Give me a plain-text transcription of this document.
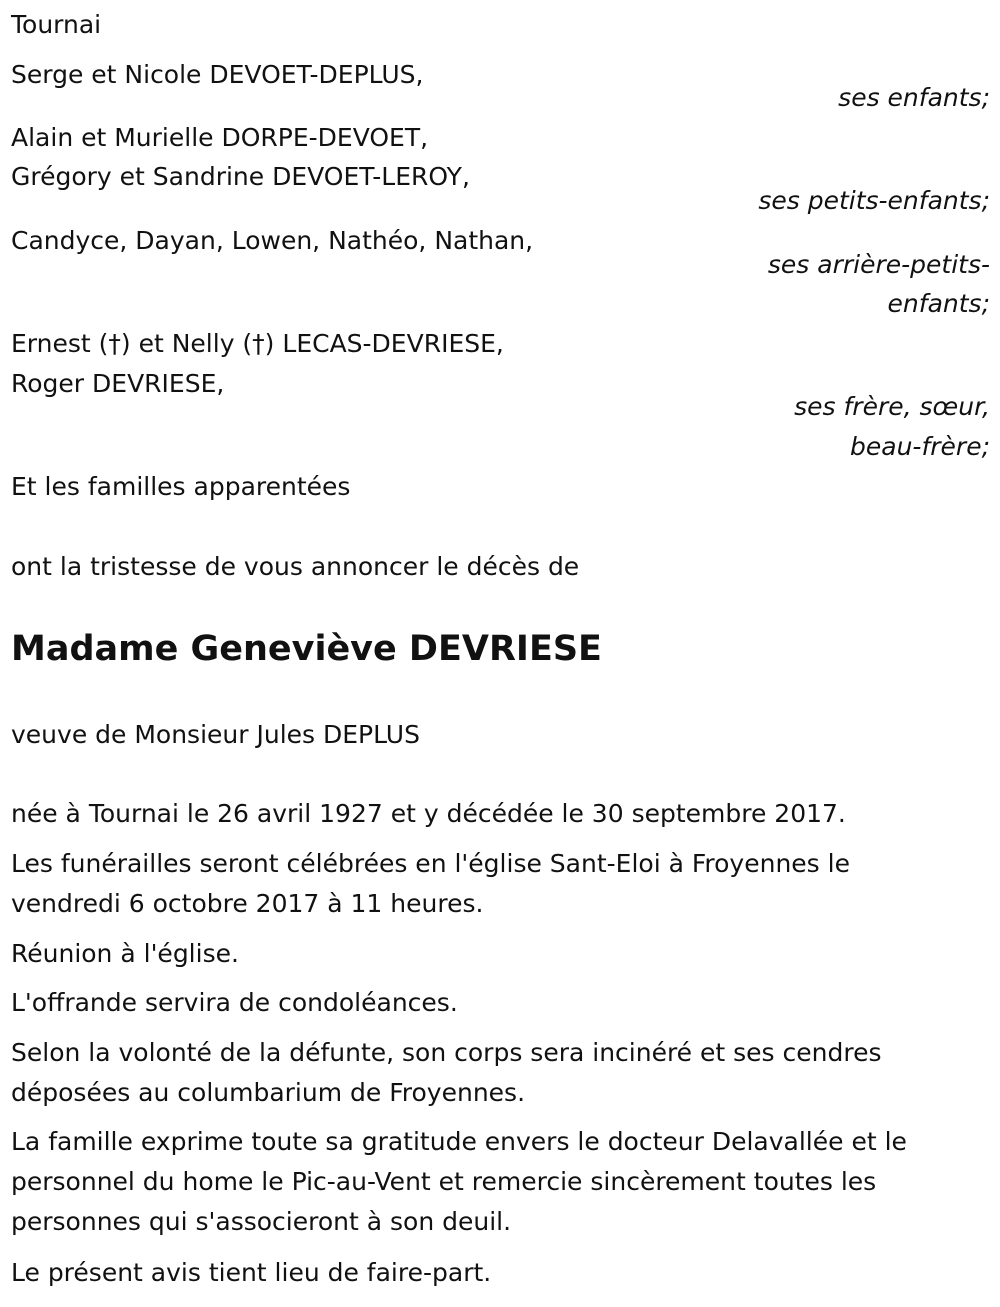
Tournai
Serge et Nicole DEVOET-DEPLUS,
ses enfants;
Alain et Murielle DORPE-DEVOET,
Grégory et Sandrine DEVOET-LEROY,
ses petits-enfants;
Candyce, Dayan, Lowen, Nathéo, Nathan,
ses arrière-petits-
enfants;
Ernest (†) et Nelly (†) LECAS-DEVRIESE,
Roger DEVRIESE,
ses frère, sœur,
beau-frère;
Et les familles apparentées
ont la tristesse de vous annoncer le décès de
Madame Geneviève DEVRIESE
veuve de Monsieur Jules DEPLUS
née à Tournai le 26 avril 1927 et y décédée le 30 septembre 2017.
Les funérailles seront célébrées en l'église Sant-Eloi à Froyennes le
vendredi 6 octobre 2017 à 11 heures.
Réunion à l'église.
L'offrande servira de condoléances.
Selon la volonté de la défunte, son corps sera incinéré et ses cendres
déposées au columbarium de Froyennes.
La famille exprime toute sa gratitude envers le docteur Delavallée et le
personnel du home le Pic-au-Vent et remercie sincèrement toutes les
personnes qui s'associeront à son deuil.
Le présent avis tient lieu de faire-part.
